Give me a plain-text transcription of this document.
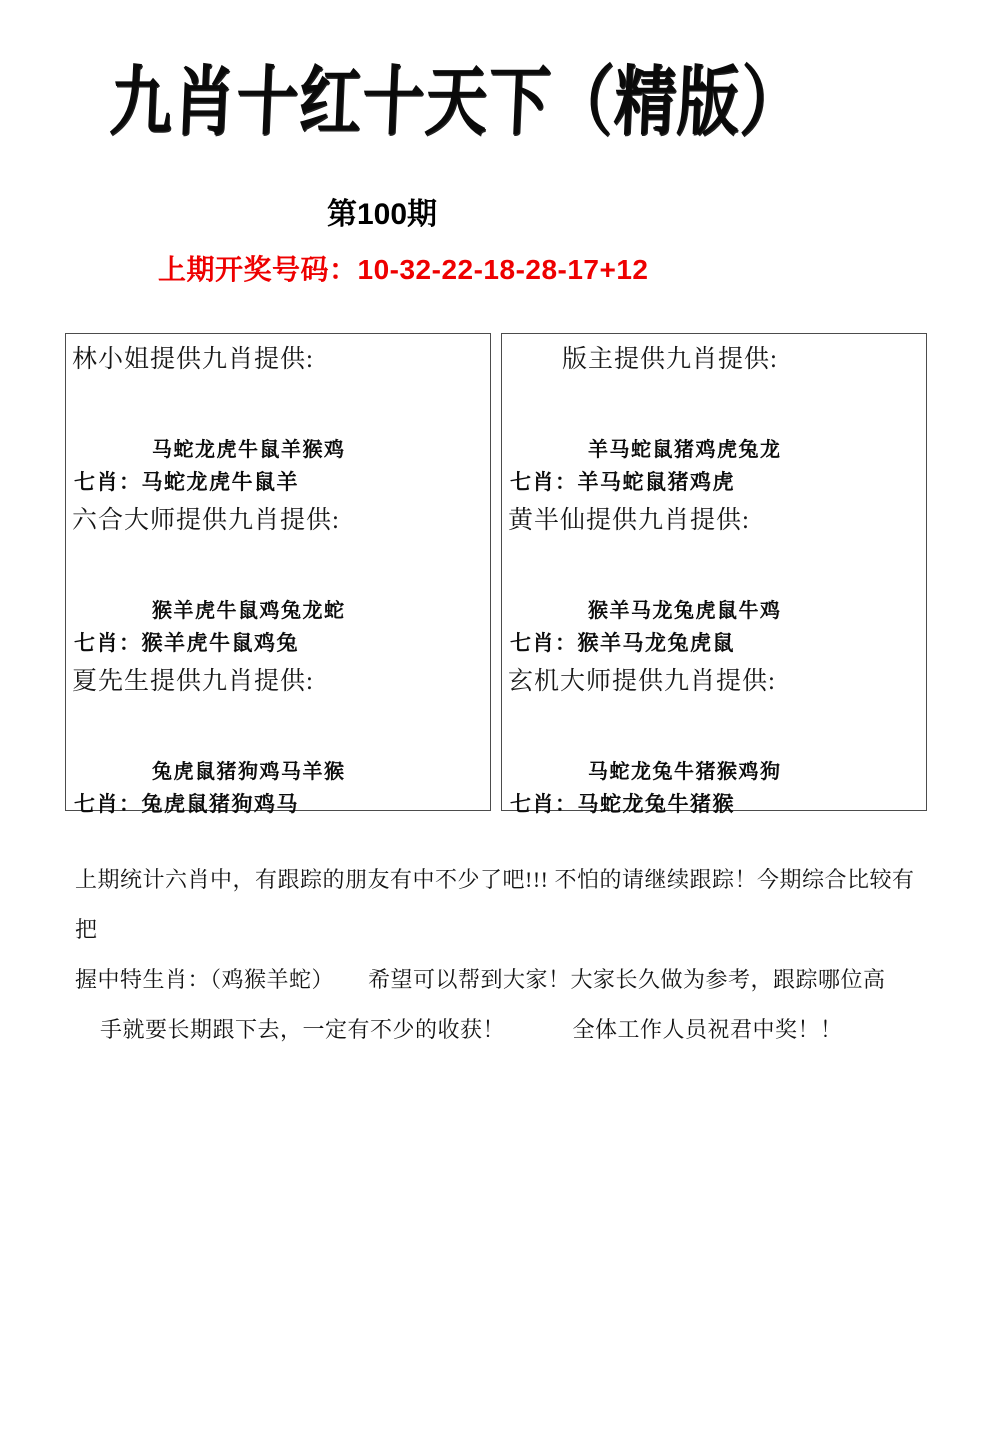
九肖十红十天下（精版）
第100期
上期开奖号码：10-32-22-18-28-17+12
林小姐提供九肖提供:
马蛇龙虎牛鼠羊猴鸡
七肖：马蛇龙虎牛鼠羊
六合大师提供九肖提供:
猴羊虎牛鼠鸡兔龙蛇
七肖：猴羊虎牛鼠鸡兔
夏先生提供九肖提供:
兔虎鼠猪狗鸡马羊猴
七肖：兔虎鼠猪狗鸡马
版主提供九肖提供:
羊马蛇鼠猪鸡虎兔龙
七肖：羊马蛇鼠猪鸡虎
黄半仙提供九肖提供:
猴羊马龙兔虎鼠牛鸡
七肖：猴羊马龙兔虎鼠
玄机大师提供九肖提供:
马蛇龙兔牛猪猴鸡狗
七肖：马蛇龙兔牛猪猴
上期统计六肖中，有跟踪的朋友有中不少了吧!!! 不怕的请继续跟踪！今期综合比较有把
握中特生肖：（鸡猴羊蛇）　　希望可以帮到大家！大家长久做为参考，跟踪哪位高
手就要长期跟下去，一定有不少的收获！　　　全体工作人员祝君中奖！！
